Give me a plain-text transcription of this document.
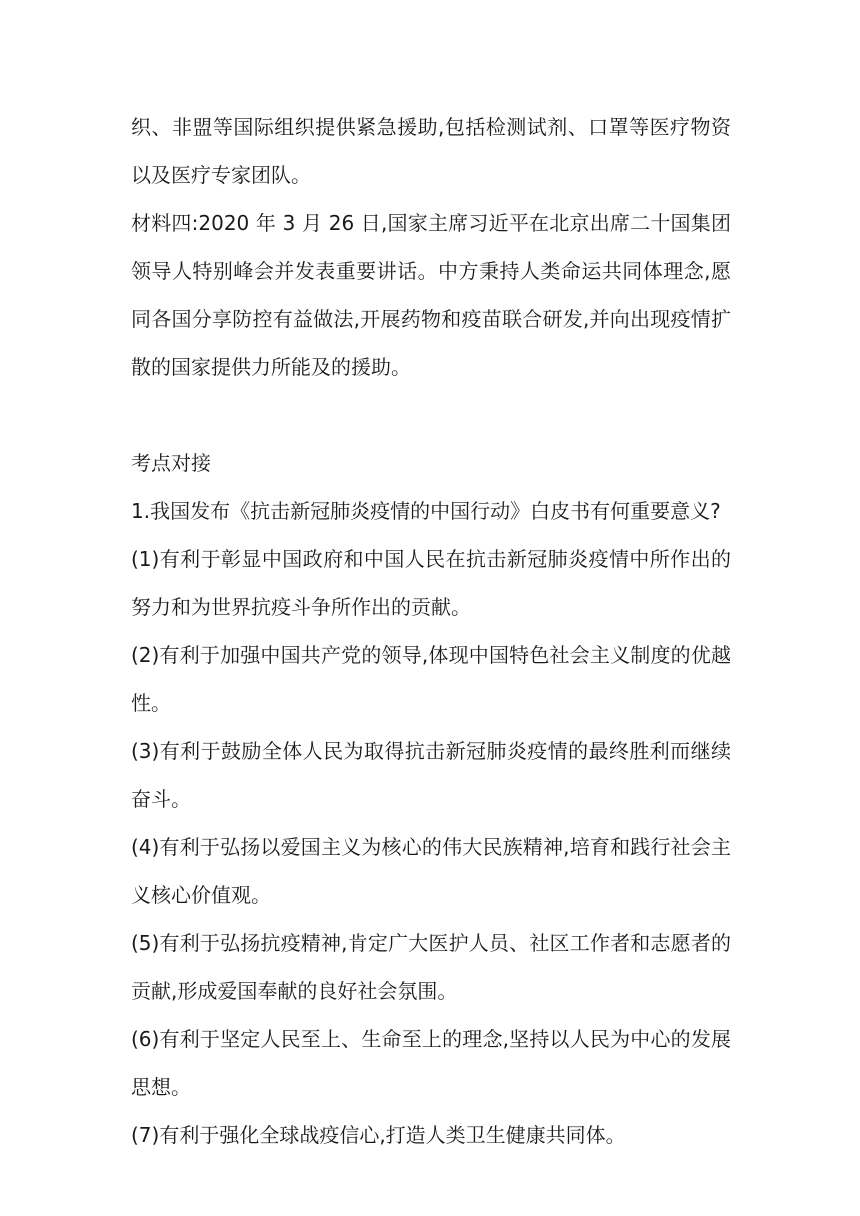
织、非盟等国际组织提供紧急援助,包括检测试剂、口罩等医疗物资以及医疗专家团队。

材料四:2020 年 3 月 26 日,国家主席习近平在北京出席二十国集团领导人特别峰会并发表重要讲话。中方秉持人类命运共同体理念,愿同各国分享防控有益做法,开展药物和疫苗联合研发,并向出现疫情扩散的国家提供力所能及的援助。

考点对接

1.我国发布《抗击新冠肺炎疫情的中国行动》白皮书有何重要意义?

(1)有利于彰显中国政府和中国人民在抗击新冠肺炎疫情中所作出的努力和为世界抗疫斗争所作出的贡献。

(2)有利于加强中国共产党的领导,体现中国特色社会主义制度的优越性。

(3)有利于鼓励全体人民为取得抗击新冠肺炎疫情的最终胜利而继续奋斗。

(4)有利于弘扬以爱国主义为核心的伟大民族精神,培育和践行社会主义核心价值观。

(5)有利于弘扬抗疫精神,肯定广大医护人员、社区工作者和志愿者的贡献,形成爱国奉献的良好社会氛围。

(6)有利于坚定人民至上、生命至上的理念,坚持以人民为中心的发展思想。

(7)有利于强化全球战疫信心,打造人类卫生健康共同体。
